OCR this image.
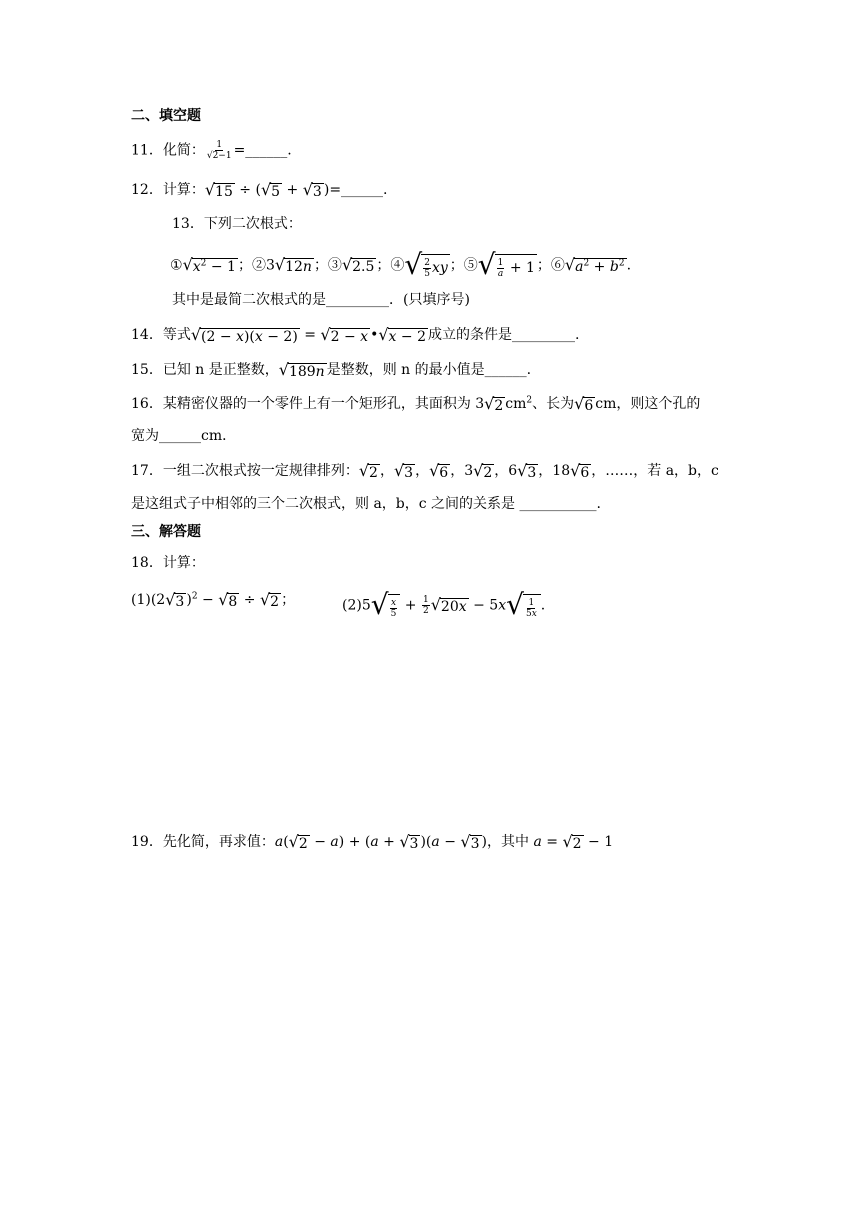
二、填空题
11．化简： $\frac{1}{√2-1}$ =______.
12．计算： √ 15 ÷ ( √ 5 + √ 3 )=______.
13．下列二次根式：
① √ $x^2 - 1$ ；②3 √ 12n ；③ √ 2.5 ；④ √ $\frac{2}{5}$ xy ；⑤ √ $\frac{1}{a} + 1$ ；⑥ √ $a^2 + b^2$ .
其中是最简二次根式的是_________．(只填序号)
14．等式 √ (2 − x)(x − 2) = √ 2 − x • √ x − 2 成立的条件是_________.
15．已知 n 是正整数， √ 189n 是整数，则 n 的最小值是______.
16．某精密仪器的一个零件上有一个矩形孔，其面积为 3 √ 2 $cm^2$、长为 √ 6 cm，则这个孔的
宽为______cm．
17．一组二次根式按一定规律排列： √ 2 ， √ 3 ， √ 6 ，3 √ 2 ，6 √ 3 ，18 √ 6 ，……，若 a，b，c
是这组式子中相邻的三个二次根式，则 a，b，c 之间的关系是 ___________.
三、解答题
18．计算：
(1)(2 √ 3 )$^2$ − √ 8 ÷ √ 2 ；	(2)5 √ $\frac{x}{5} + \frac{1}{2}$ √ 20x − 5x √ $\frac{1}{5x}$ .
19．先化简，再求值：a( √ 2 − a) + (a + √ 3 )(a − √ 3 )，其中 a = √ 2 − 1
